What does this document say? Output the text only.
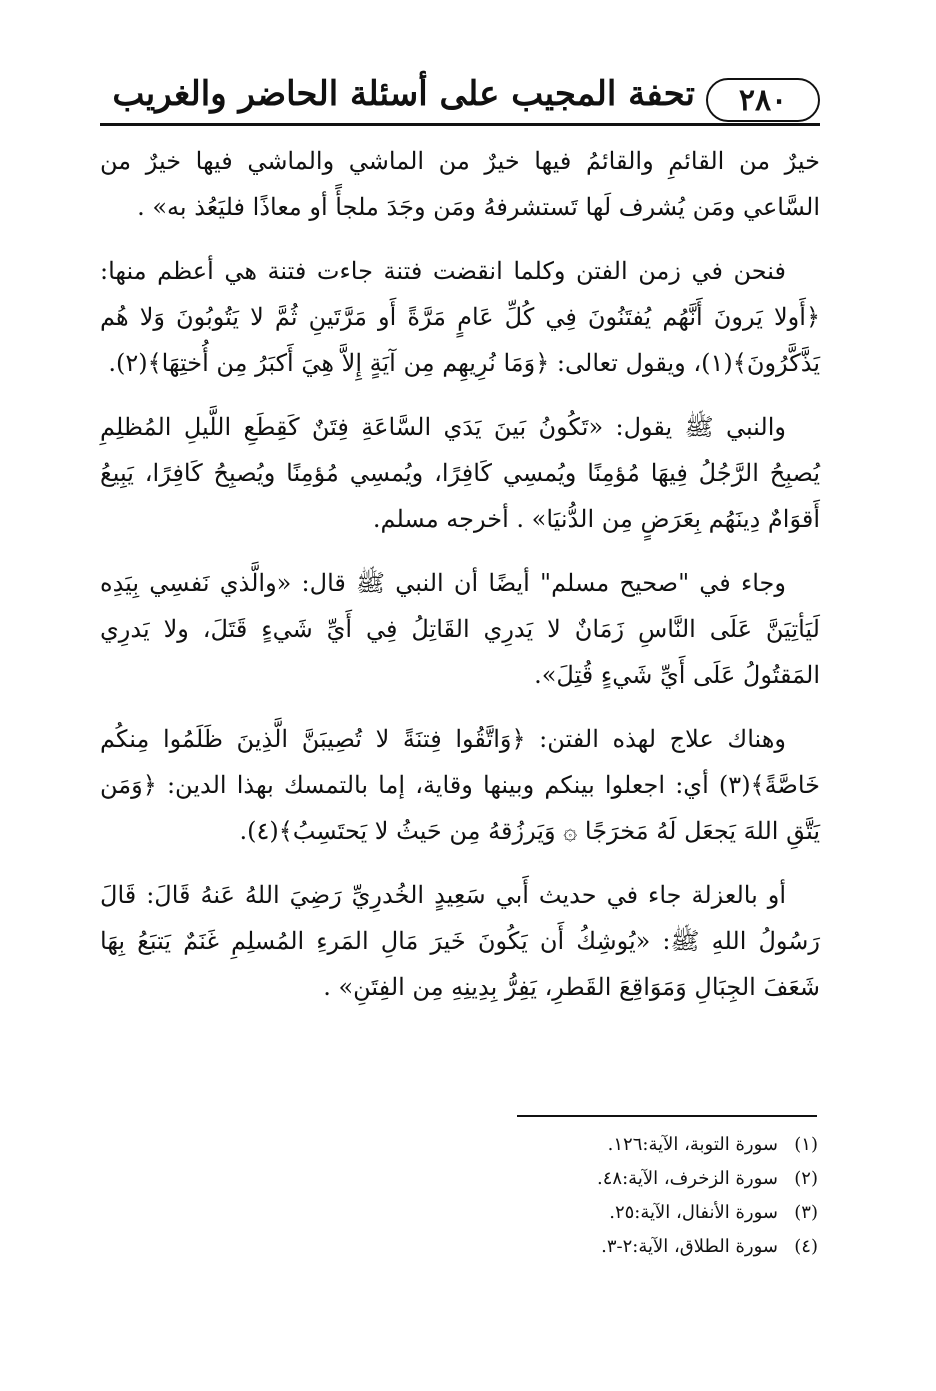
٢٨٠
تحفة المجيب على أسئلة الحاضر والغريب

خيرٌ من القائمِ والقائمُ فيها خيرٌ من الماشي والماشي فيها خيرٌ من السَّاعي ومَن يُشرف لَها تَستشرفهُ ومَن وجَدَ ملجأً أو معاذًا فليَعُذ به» .

فنحن في زمن الفتن وكلما انقضت فتنة جاءت فتنة هي أعظم منها: ﴿أَولا يَرونَ أَنَّهُم يُفتَنُونَ فِي كُلِّ عَامٍ مَرَّةً أَو مَرَّتَينِ ثُمَّ لا يَتُوبُونَ وَلا هُم يَذَّكَّرُونَ﴾(١)، ويقول تعالى: ﴿وَمَا نُرِيهِم مِن آيَةٍ إِلاَّ هِيَ أَكبَرُ مِن أُختِهَا﴾(٢).

والنبي ﷺ يقول: «تَكُونُ بَينَ يَدَي السَّاعَةِ فِتَنٌ كَقِطَعِ اللَّيلِ المُظلِمِ يُصبِحُ الرَّجُلُ فِيهَا مُؤمِنًا ويُمسِي كَافِرًا، ويُمسِي مُؤمِنًا ويُصبِحُ كَافِرًا، يَبِيعُ أَقوَامٌ دِينَهُم بِعَرَضٍ مِن الدُّنيَا» . أخرجه مسلم.

وجاء في "صحيح مسلم" أيضًا أن النبي ﷺ قال: «والَّذي نَفسِي بِيَدِه لَيَأتِيَنَّ عَلَى النَّاسِ زَمَانٌ لا يَدرِي القَاتِلُ فِي أَيِّ شَيءٍ قَتَلَ، ولا يَدرِي المَقتُولُ عَلَى أَيِّ شَيءٍ قُتِلَ».

وهناك علاج لهذه الفتن: ﴿وَاتَّقُوا فِتنَةً لا تُصِيبَنَّ الَّذِينَ ظَلَمُوا مِنكُم خَاصَّةً﴾(٣) أي: اجعلوا بينكم وبينها وقاية، إما بالتمسك بهذا الدين: ﴿وَمَن يَتَّقِ اللهَ يَجعَل لَهُ مَخرَجًا ۞ وَيَرزُقهُ مِن حَيثُ لا يَحتَسِبُ﴾(٤).

أو بالعزلة جاء في حديث أَبي سَعِيدٍ الخُدرِيِّ رَضِيَ اللهُ عَنهُ قَالَ: قَالَ رَسُولُ اللهِ ﷺ: «يُوشِكُ أَن يَكُونَ خَيرَ مَالِ المَرءِ المُسلِمِ غَنَمٌ يَتبَعُ بِهَا شَعَفَ الجِبَالِ وَمَوَاقِعَ القَطرِ، يَفِرُّ بِدِينِهِ مِن الفِتَنِ» .

(١)
سورة التوبة، الآية:١٢٦.
(٢)
سورة الزخرف، الآية:٤٨.
(٣)
سورة الأنفال، الآية:٢٥.
(٤)
سورة الطلاق، الآية:٢-٣.
